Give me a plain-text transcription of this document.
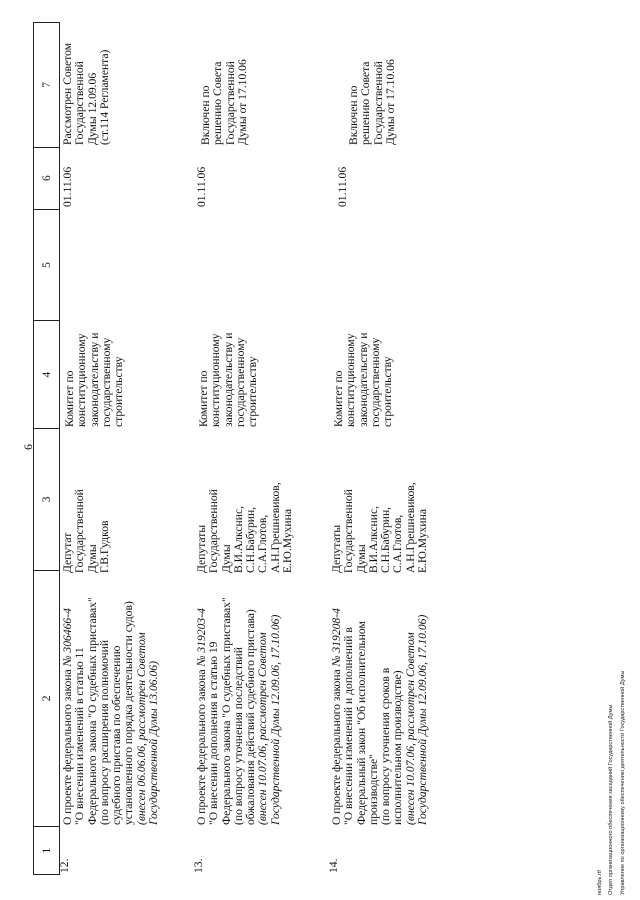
6
1
2
3
4
5
6
7
12.
О проекте федерального закона № 306466-4
"О внесении изменений в статью 11 Федерального закона "О судебных приставах" (по вопросу расширения полномочий судебного пристава по обеспечению установленного порядка деятельности судов) (внесен 06.06.06, рассмотрен Советом Государственной Думы 13.06.06)
Депутат Государственной Думы Г.В.Гудков
Комитет по конституционному законодательству и государственному строительству
01.11.06
Рассмотрен Советом Государственной Думы 12.09.06 (ст.114 Регламента)
13.
О проекте федерального закона № 319203-4
"О внесении дополнения в статью 19 Федерального закона "О судебных приставах" (по вопросу уточнения последствий обжалования действий судебного пристава) (внесен 10.07.06, рассмотрен Советом Государственной Думы 12.09.06, 17.10.06)
Депутаты Государственной Думы В.И.Алкснис, С.Н.Бабурин, С.А.Глотов, А.Н.Грешневиков, Е.Ю.Мухина
Комитет по конституционному законодательству и государственному строительству
01.11.06
Включен по решению Совета Государственной Думы от 17.10.06
14.
О проекте федерального закона № 319208-4 "О внесении изменений и дополнений в Федеральный закон "Об исполнительном производстве" (по вопросу уточнения сроков в исполнительном производстве) (внесен 10.07.06, рассмотрен Советом Государственной Думы 12.09.06, 17.10.06)
Депутаты Государственной Думы В.И.Алкснис, С.Н.Бабурин, С.А.Глотов, А.Н.Грешневиков, Е.Ю.Мухина
Комитет по конституционному законодательству и государственному строительству
01.11.06
Включен по решению Совета Государственной Думы от 17.10.06
ноябрь.rtf Отдел организационного обеспечения заседаний Государственной Думы Управление по организационному обеспечению деятельности Государственной Думы
